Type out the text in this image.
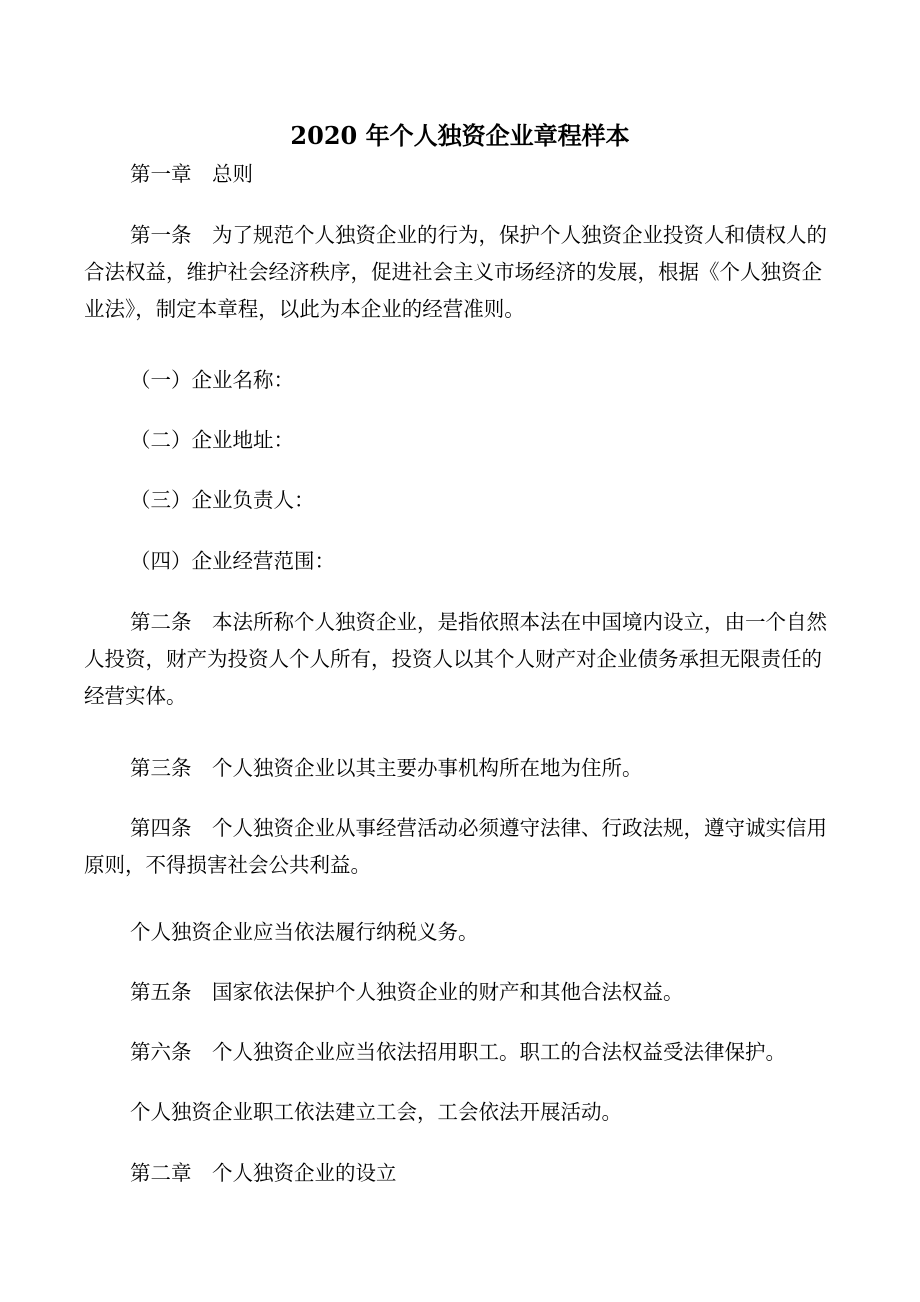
2020 年个人独资企业章程样本

第一章　总则

第一条　为了规范个人独资企业的行为，保护个人独资企业投资人和债权人的合法权益，维护社会经济秩序，促进社会主义市场经济的发展，根据《个人独资企业法》，制定本章程，以此为本企业的经营准则。

（一）企业名称：

（二）企业地址：

（三）企业负责人：

（四）企业经营范围：

第二条　本法所称个人独资企业，是指依照本法在中国境内设立，由一个自然人投资，财产为投资人个人所有，投资人以其个人财产对企业债务承担无限责任的经营实体。

第三条　个人独资企业以其主要办事机构所在地为住所。

第四条　个人独资企业从事经营活动必须遵守法律、行政法规，遵守诚实信用原则，不得损害社会公共利益。

个人独资企业应当依法履行纳税义务。

第五条　国家依法保护个人独资企业的财产和其他合法权益。

第六条　个人独资企业应当依法招用职工。职工的合法权益受法律保护。

个人独资企业职工依法建立工会，工会依法开展活动。

第二章　个人独资企业的设立
